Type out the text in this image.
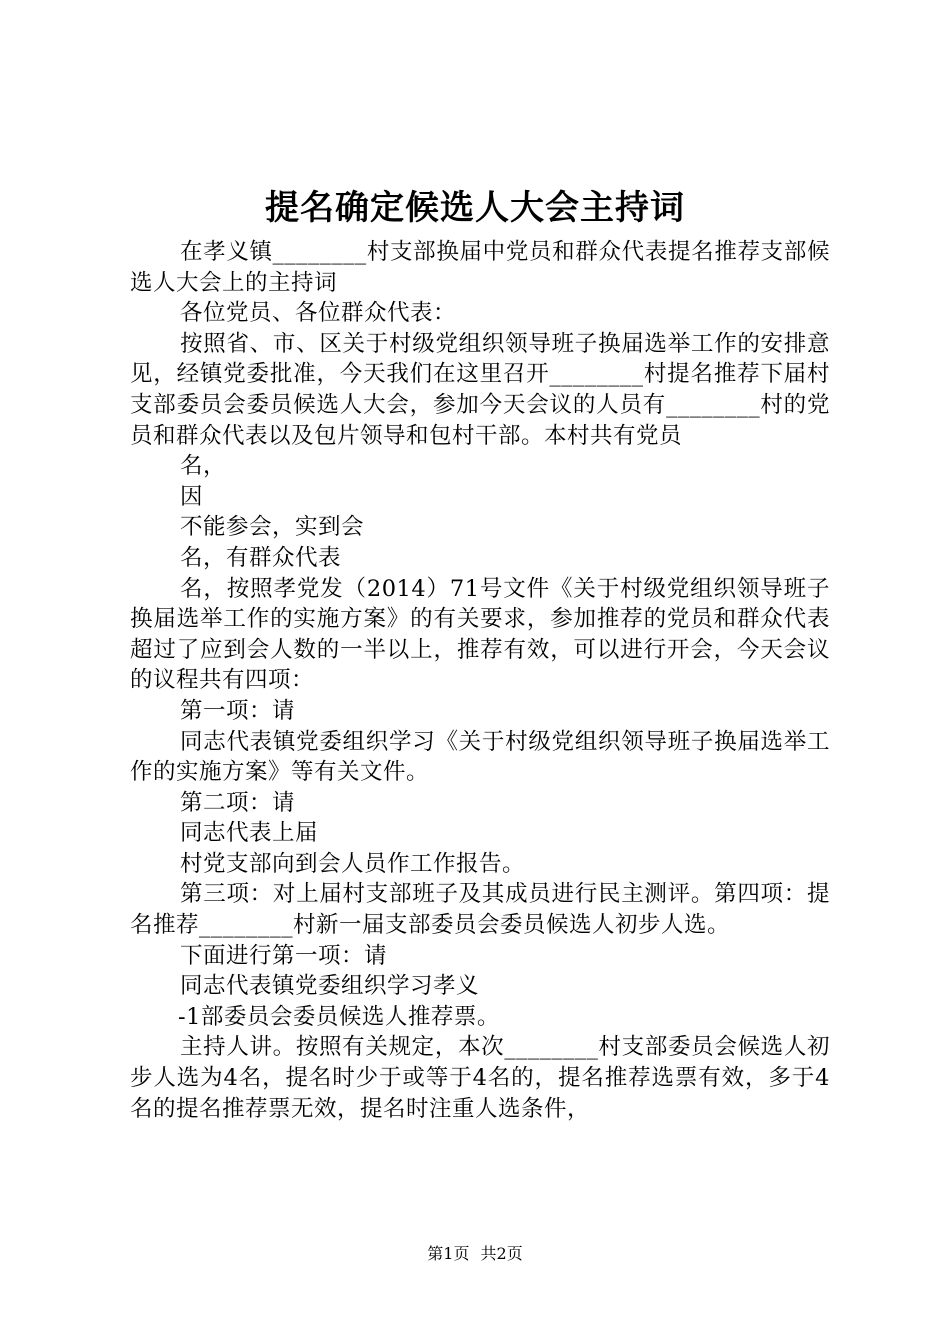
提名确定候选人大会主持词

在孝义镇________村支部换届中党员和群众代表提名推荐支部候选人大会上的主持词

各位党员、各位群众代表：

按照省、市、区关于村级党组织领导班子换届选举工作的安排意见，经镇党委批准，今天我们在这里召开________村提名推荐下届村支部委员会委员候选人大会，参加今天会议的人员有________村的党员和群众代表以及包片领导和包村干部。本村共有党员

名，

因

不能参会，实到会

名，有群众代表

名，按照孝党发（2014）71号文件《关于村级党组织领导班子换届选举工作的实施方案》的有关要求，参加推荐的党员和群众代表超过了应到会人数的一半以上，推荐有效，可以进行开会，今天会议的议程共有四项：

第一项：请

同志代表镇党委组织学习《关于村级党组织领导班子换届选举工作的实施方案》等有关文件。

第二项：请

同志代表上届

村党支部向到会人员作工作报告。

第三项：对上届村支部班子及其成员进行民主测评。第四项：提名推荐________村新一届支部委员会委员候选人初步人选。

下面进行第一项：请

同志代表镇党委组织学习孝义

-1部委员会委员候选人推荐票。

主持人讲。按照有关规定，本次________村支部委员会候选人初步人选为4名，提名时少于或等于4名的，提名推荐选票有效，多于4名的提名推荐票无效，提名时注重人选条件，

第1页 共2页
